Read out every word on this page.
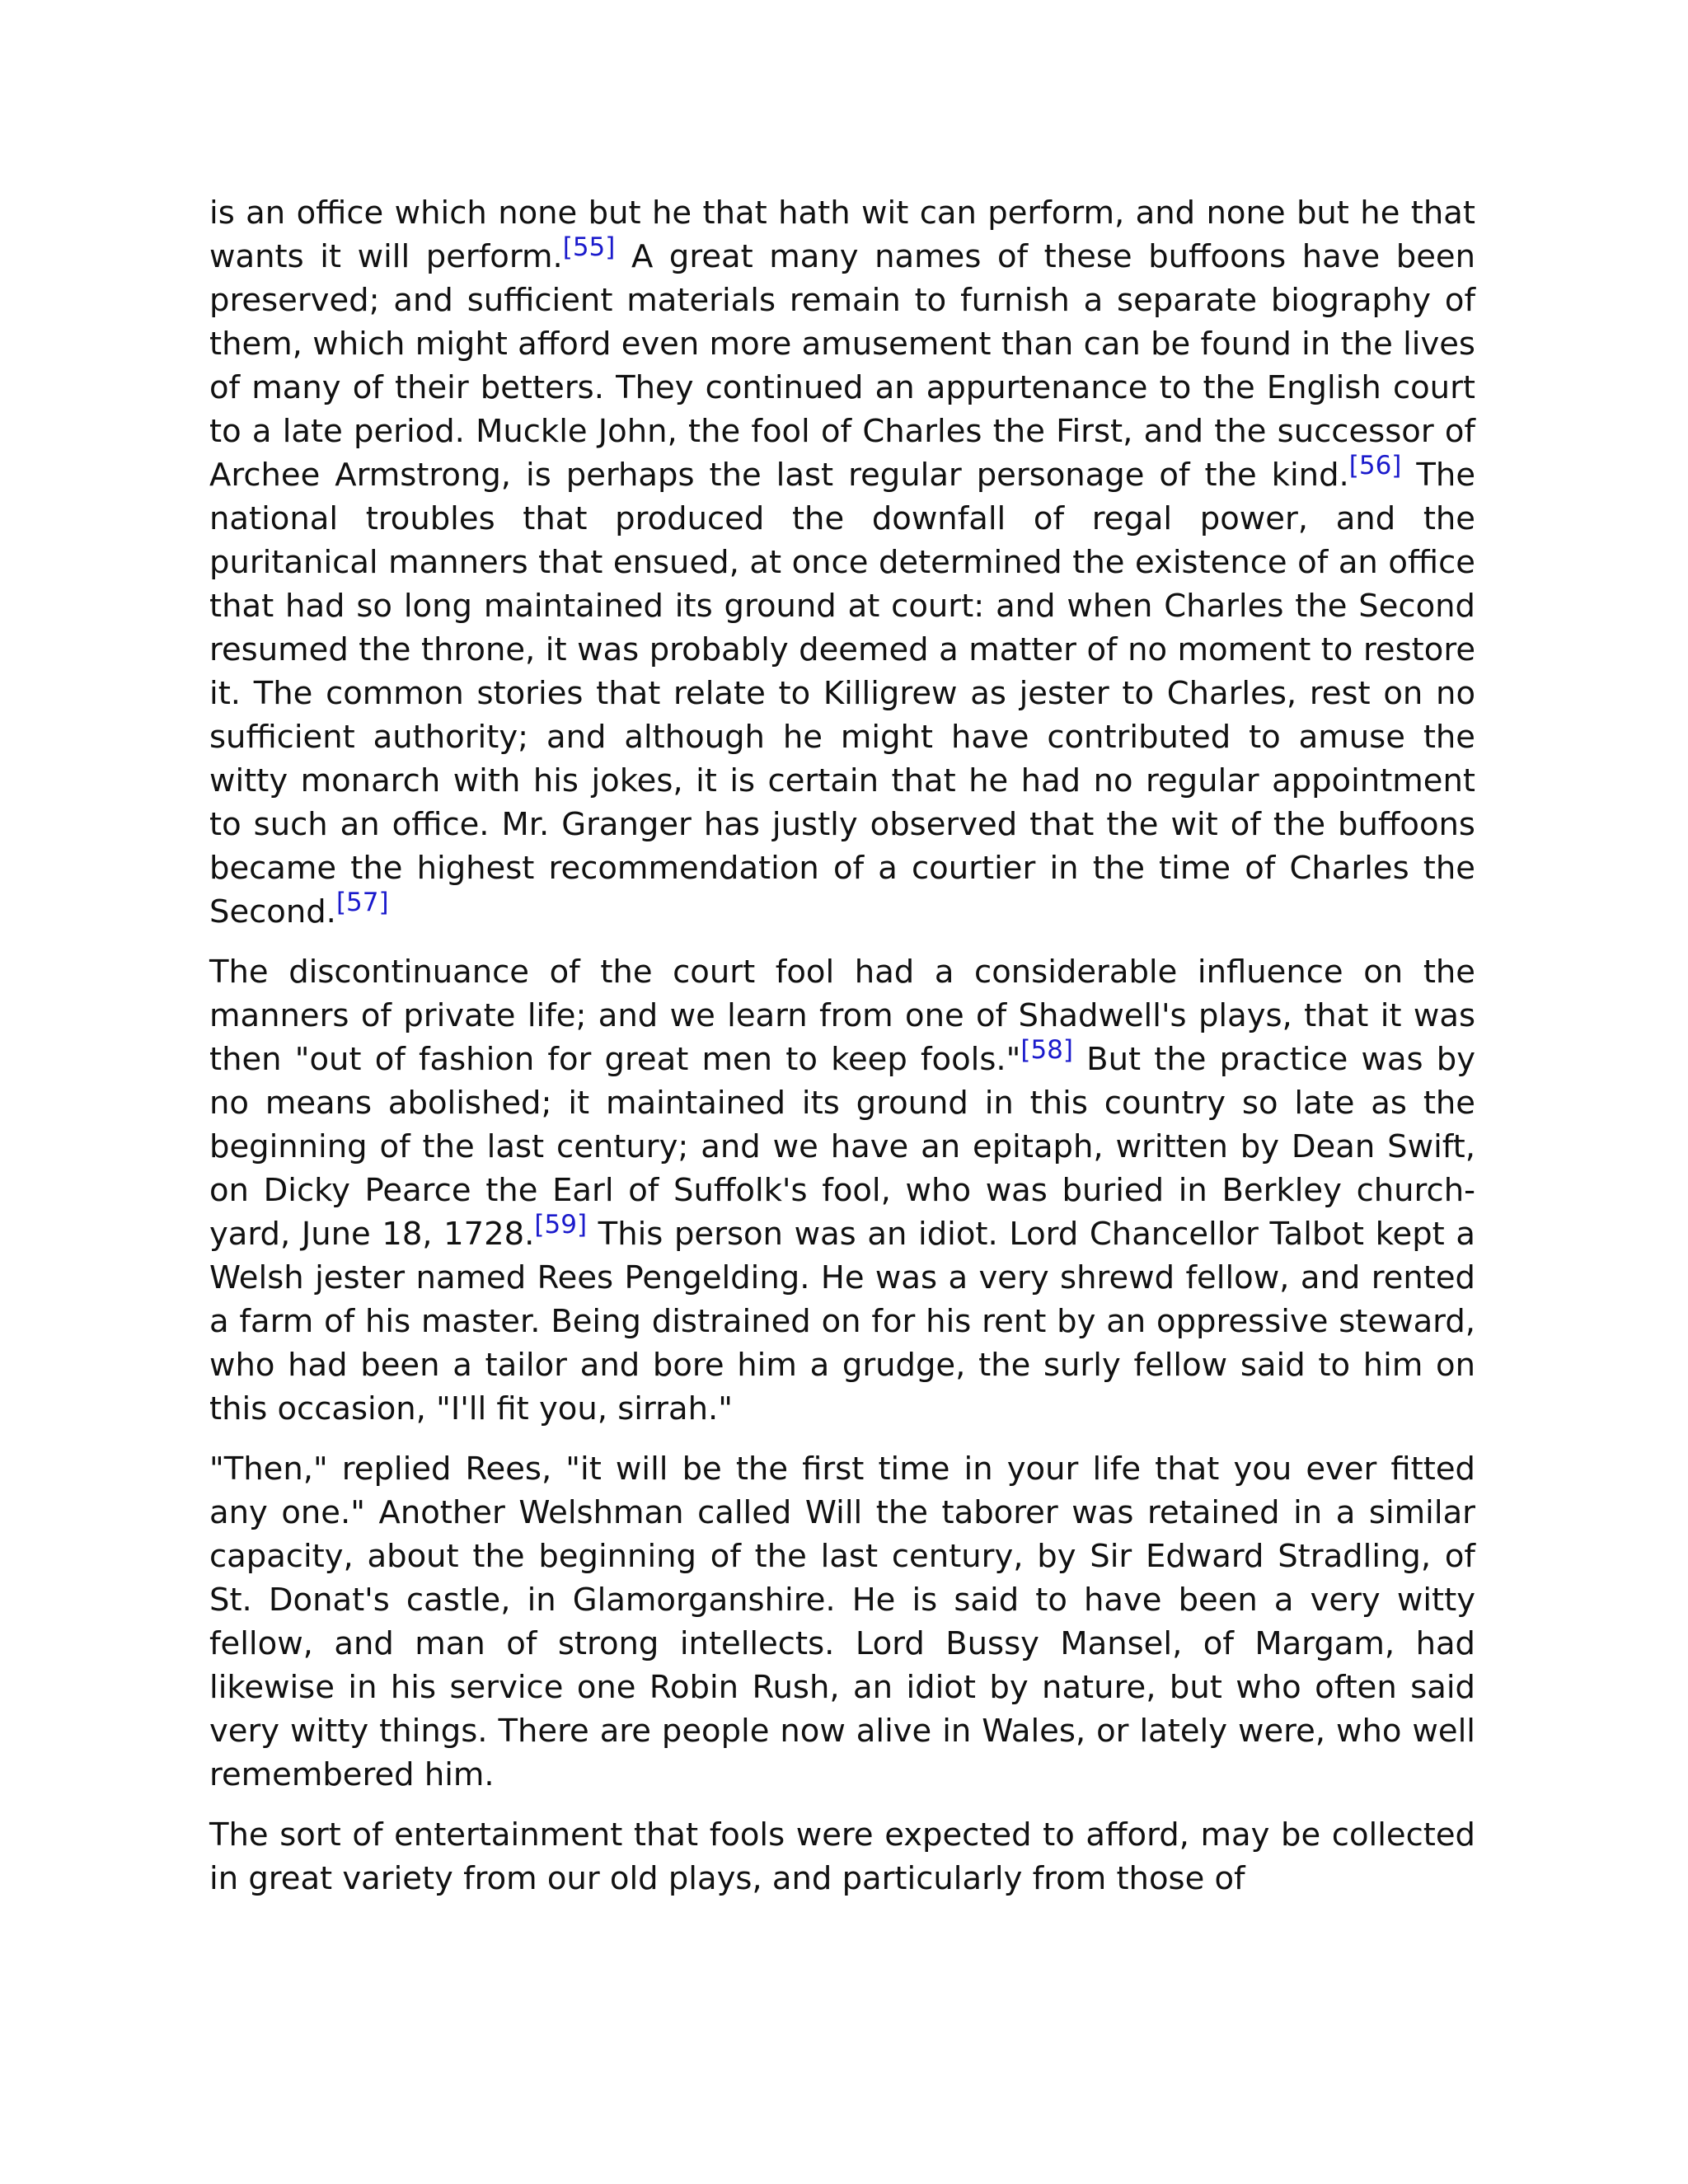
is an office which none but he that hath wit can perform, and none but he that wants it will perform.[55] A great many names of these buffoons have been preserved; and sufficient materials remain to furnish a separate biography of them, which might afford even more amusement than can be found in the lives of many of their betters. They continued an appurtenance to the English court to a late period. Muckle John, the fool of Charles the First, and the successor of Archee Armstrong, is perhaps the last regular personage of the kind.[56] The national troubles that produced the downfall of regal power, and the puritanical manners that ensued, at once determined the existence of an office that had so long maintained its ground at court: and when Charles the Second resumed the throne, it was probably deemed a matter of no moment to restore it. The common stories that relate to Killigrew as jester to Charles, rest on no sufficient authority; and although he might have contributed to amuse the witty monarch with his jokes, it is certain that he had no regular appointment to such an office. Mr. Granger has justly observed that the wit of the buffoons became the highest recommendation of a courtier in the time of Charles the Second.[57]

The discontinuance of the court fool had a considerable influence on the manners of private life; and we learn from one of Shadwell's plays, that it was then "out of fashion for great men to keep fools."[58] But the practice was by no means abolished; it maintained its ground in this country so late as the beginning of the last century; and we have an epitaph, written by Dean Swift, on Dicky Pearce the Earl of Suffolk's fool, who was buried in Berkley church-yard, June 18, 1728.[59] This person was an idiot. Lord Chancellor Talbot kept a Welsh jester named Rees Pengelding. He was a very shrewd fellow, and rented a farm of his master. Being distrained on for his rent by an oppressive steward, who had been a tailor and bore him a grudge, the surly fellow said to him on this occasion, "I'll fit you, sirrah."

"Then," replied Rees, "it will be the first time in your life that you ever fitted any one." Another Welshman called Will the taborer was retained in a similar capacity, about the beginning of the last century, by Sir Edward Stradling, of St. Donat's castle, in Glamorganshire. He is said to have been a very witty fellow, and man of strong intellects. Lord Bussy Mansel, of Margam, had likewise in his service one Robin Rush, an idiot by nature, but who often said very witty things. There are people now alive in Wales, or lately were, who well remembered him.

The sort of entertainment that fools were expected to afford, may be collected in great variety from our old plays, and particularly from those of
